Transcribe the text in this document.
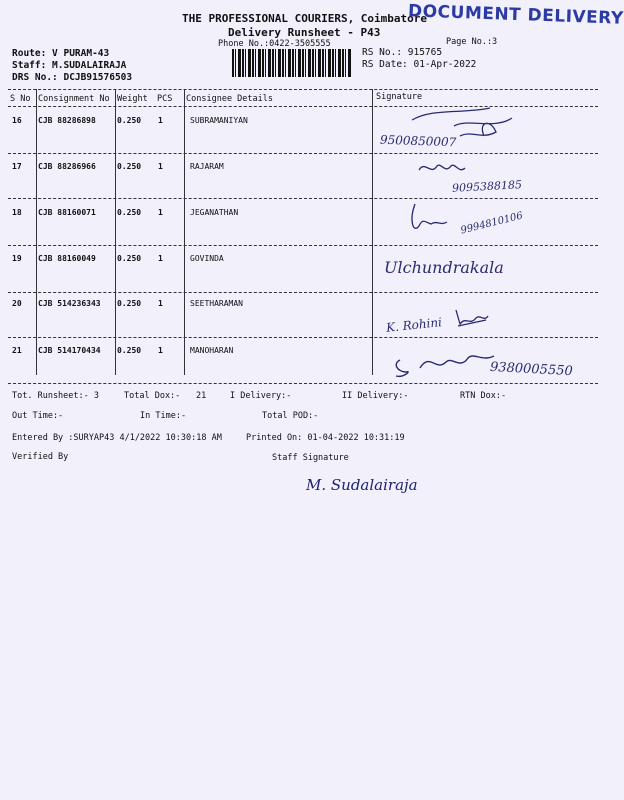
THE PROFESSIONAL COURIERS, Coimbatore
DOCUMENT DELIVERY
Delivery Runsheet - P43
Phone No.:0422-3505555	Page No.:3
Route: V PURAM-43
Staff: M.SUDALAIRAJA
DRS No.: DCJB91576503
RS No.: 915765
RS Date: 01-Apr-2022
S No Consignment No Weight PCS Consignee Details	Signature
16 CJB 88286898	0.250 1	SUBRAMANIYAN
9500850007
17 CJB 88286966	0.250 1	RAJARAM
9095388185
18 CJB 88160071	0.250 1	JEGANATHAN	9994810106
19 CJB 88160049	0.250 1	GOVINDA	Ulchundrakala
20 CJB 514236343 0.250 1	SEETHARAMAN
K. Rohini
21 CJB 514170434 0.250 1	MANOHARAN
9380005550
Tot. Runsheet:- 3	Total Dox:- 21	I Delivery:-	II Delivery:-	RTN Dox:-
Out Time:-	In Time:-	Total POD:-
Entered By :SURYAP43 4/1/2022 10:30:18 AM	Printed On: 01-04-2022 10:31:19
Verified By	Staff Signature
M. Sudalairaja
